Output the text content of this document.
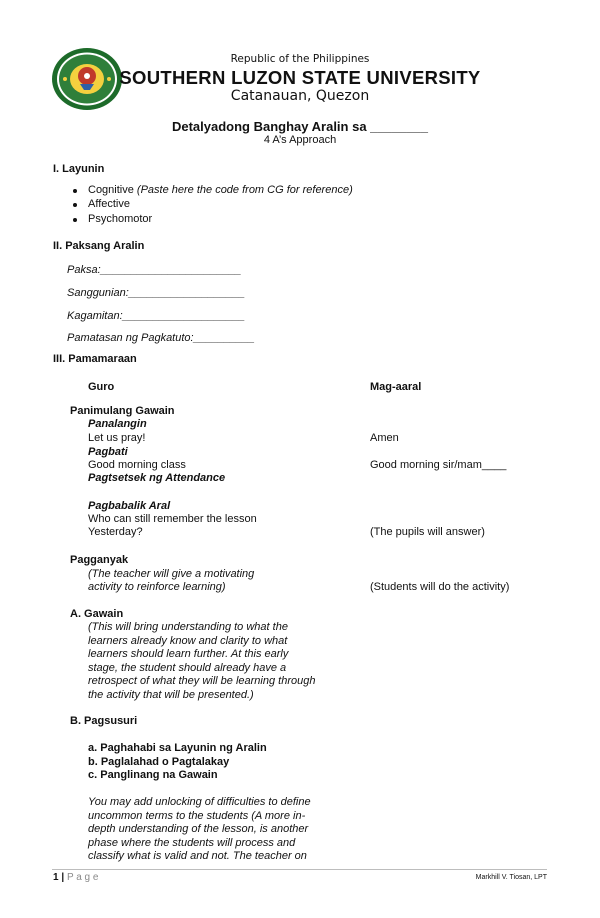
Republic of the Philippines
SOUTHERN LUZON STATE UNIVERSITY
Catanauan, Quezon
Detalyadong Banghay Aralin sa ________
4 A’s Approach
I. Layunin
Cognitive (Paste here the code from CG for reference)
Affective
Psychomotor
II. Paksang Aralin
Paksa:_______________________
Sanggunian:___________________
Kagamitan:____________________
Pamatasan ng Pagkatuto:__________
III. Pamamaraan
Guro	Mag-aaral
Panimulang Gawain
Panalangin
Let us pray!	Amen
Pagbati
Good morning class	Good morning sir/mam____
Pagtsetsek ng Attendance
Pagbabalik Aral
Who can still remember the lesson
Yesterday?	(The pupils will answer)
Pagganyak
(The teacher will give a motivating
activity to reinforce learning)	(Students will do the activity)
A. Gawain
(This will bring understanding to what the
learners already know and clarity to what
learners should learn further. At this early
stage, the student should already have a
retrospect of what they will be learning through
the activity that will be presented.)
B. Pagsusuri
a. Paghahabi sa Layunin ng Aralin
b. Paglalahad o Pagtalakay
c. Panglinang na Gawain
You may add unlocking of difficulties to define
uncommon terms to the students (A more in-
depth understanding of the lesson, is another
phase where the students will process and
classify what is valid and not. The teacher on
1 | P a g e	Markhill V. Tiosan, LPT
